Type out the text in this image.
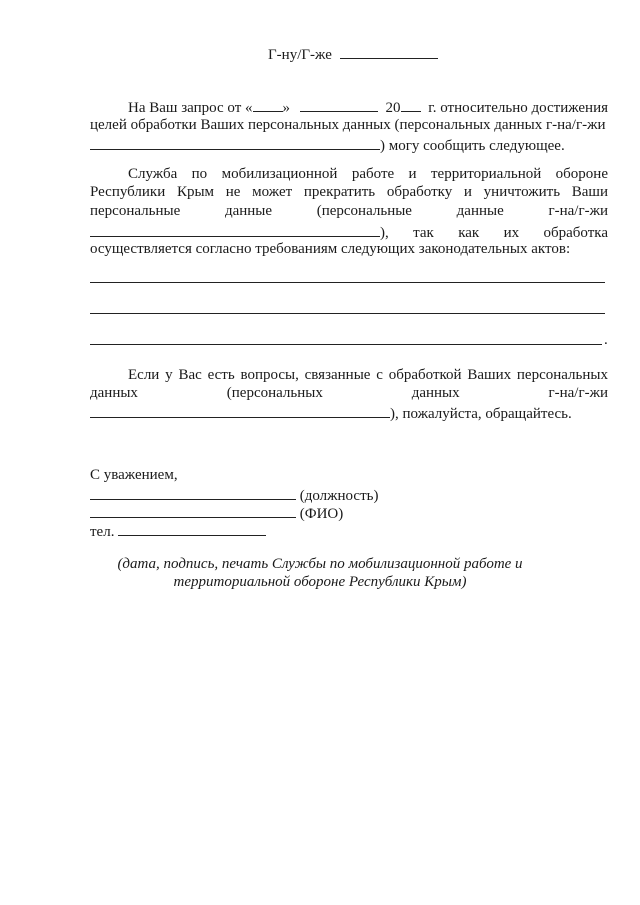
Г-ну/Г-же
На Ваш запрос от « »	20 г. относительно достижения
целей обработки Ваших персональных данных (персональных данных г-на/г-жи
) могу сообщить следующее.
Служба по мобилизационной работе и территориальной обороне
Республики Крым не может прекратить обработку и уничтожить Ваши
персональные	данные	(персональные	данные	г-на/г-жи
), так как их обработка
осуществляется согласно требованиям следующих законодательных актов:
.
Если у Вас есть вопросы, связанные с обработкой Ваших персональных
данных	(персональных	данных	г-на/г-жи
), пожалуйста, обращайтесь.
С уважением,
(должность)
(ФИО)
тел.
(дата, подпись, печать Службы по мобилизационной работе и
территориальной обороне Республики Крым)
